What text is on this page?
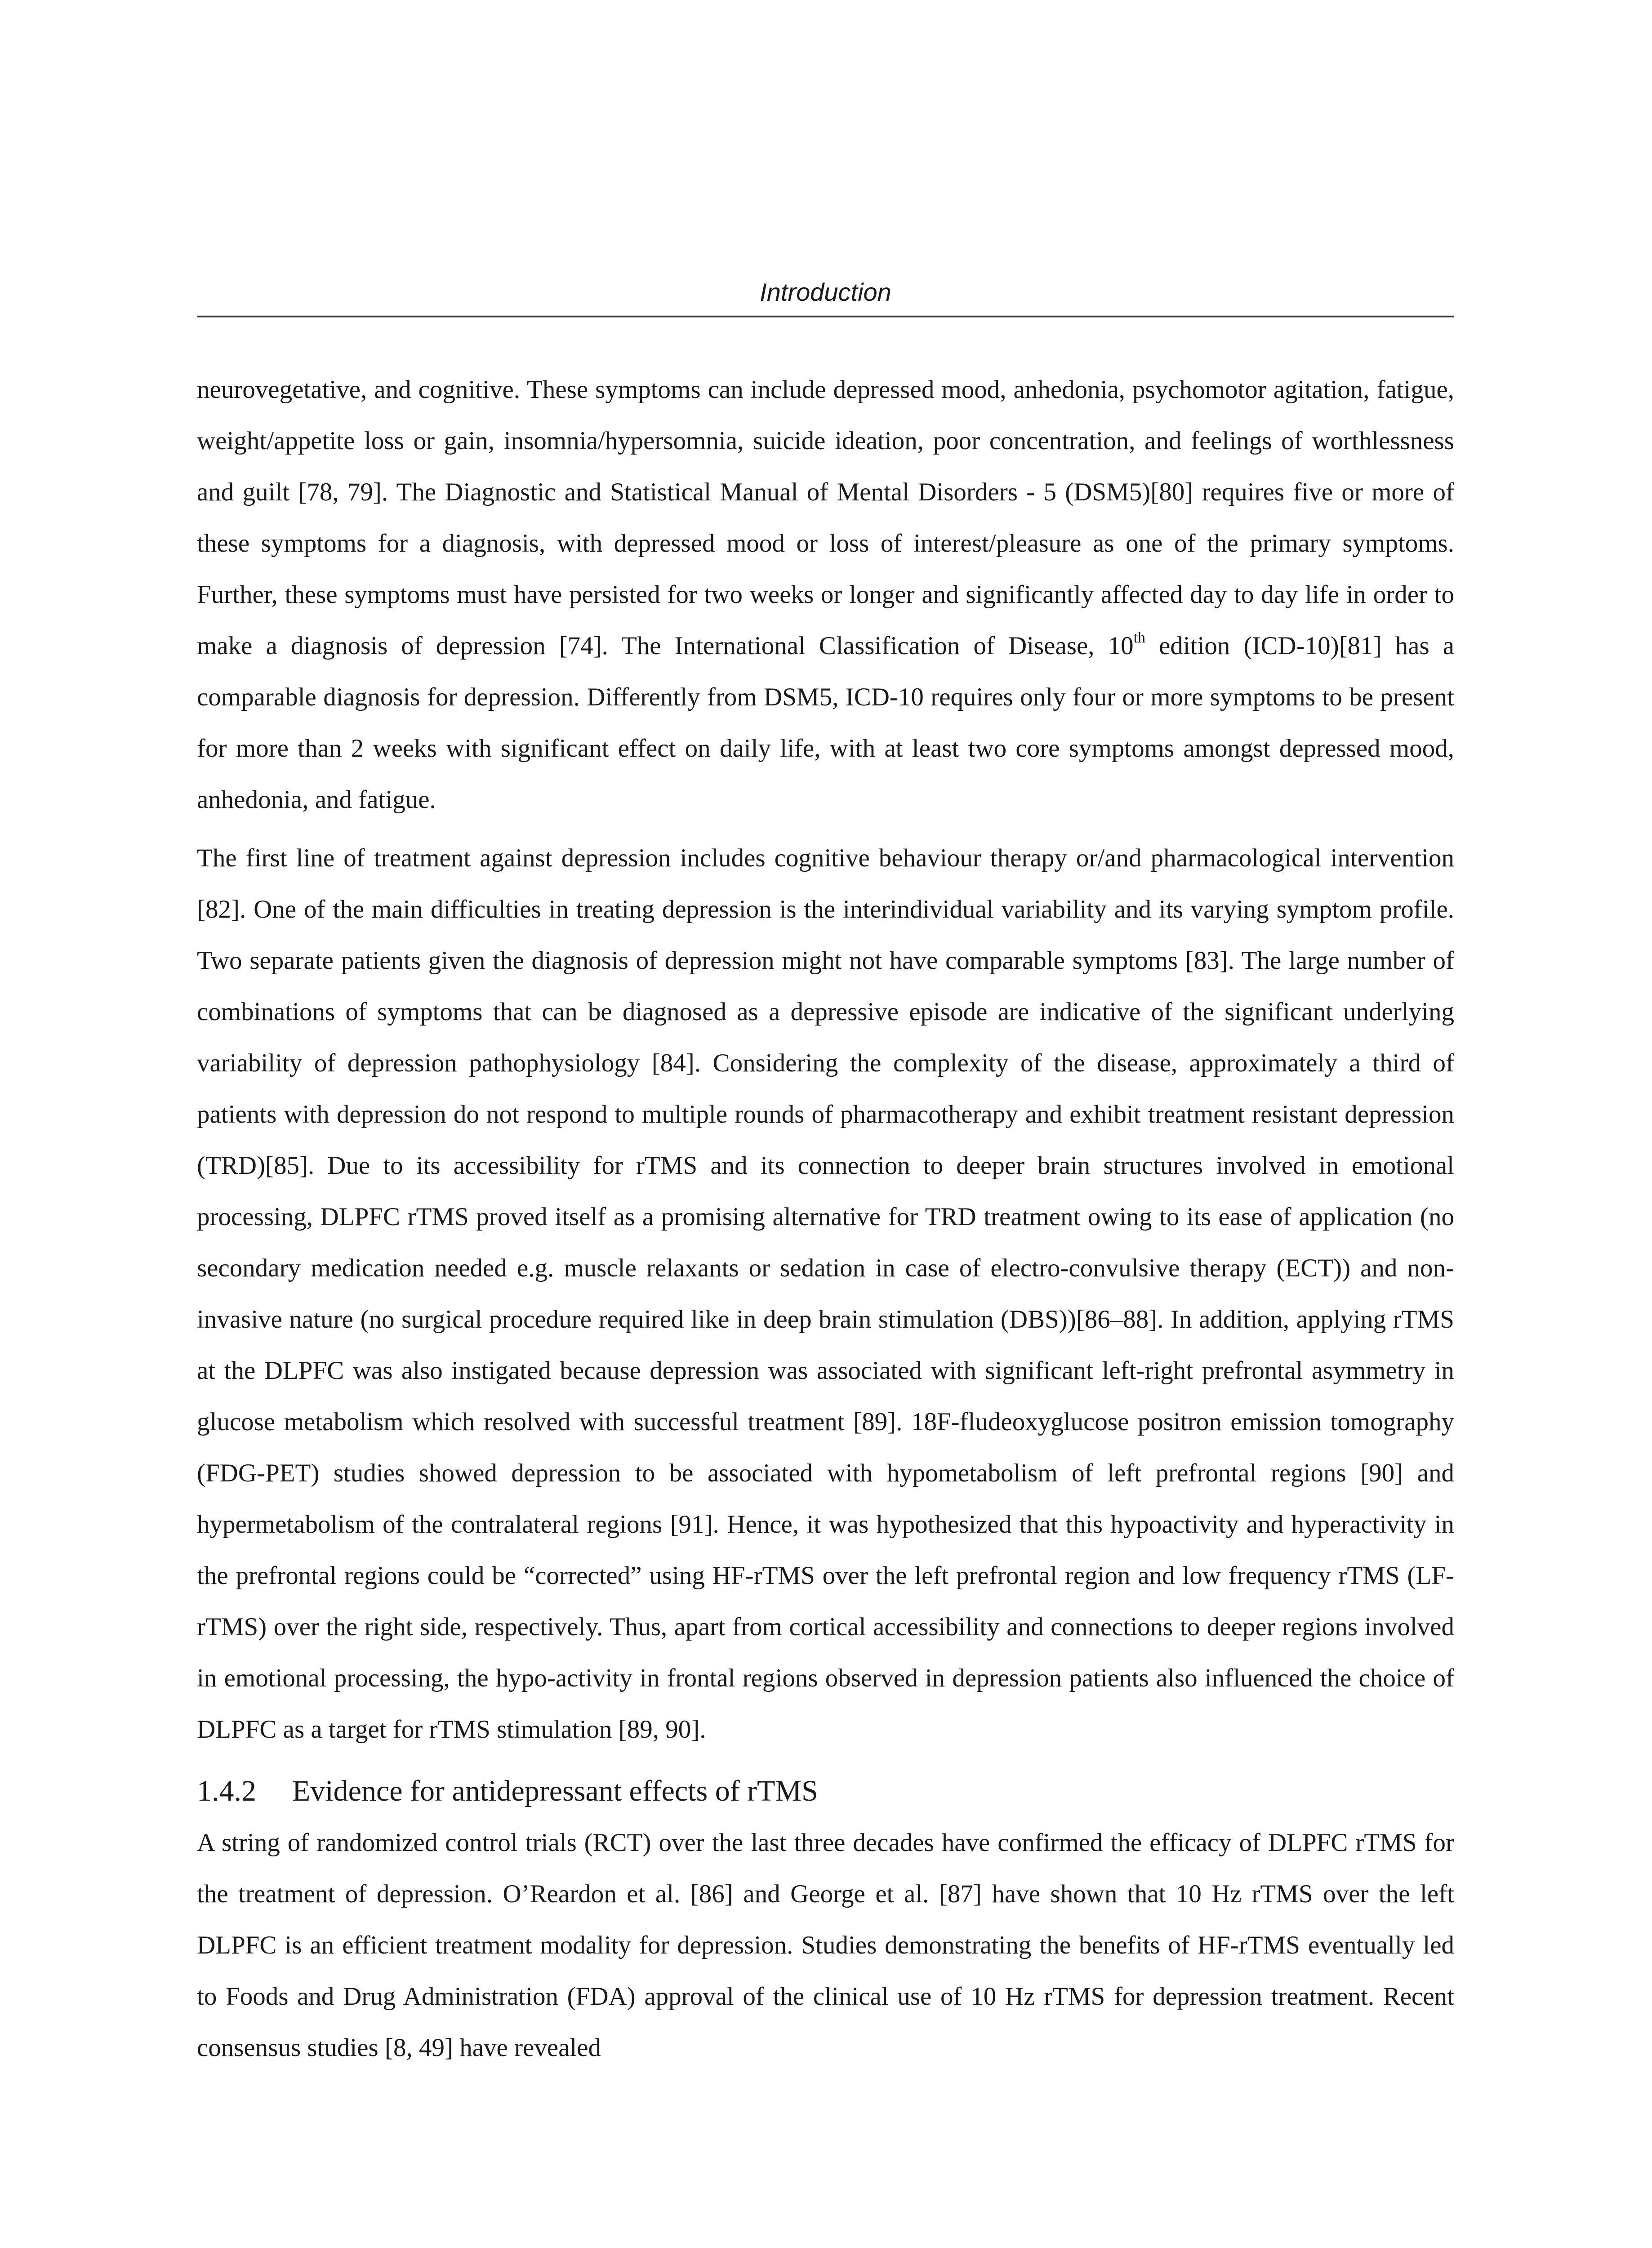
Introduction

neurovegetative, and cognitive. These symptoms can include depressed mood, anhedonia, psychomotor agitation, fatigue, weight/appetite loss or gain, insomnia/hypersomnia, suicide ideation, poor concentration, and feelings of worthlessness and guilt [78, 79]. The Diagnostic and Statistical Manual of Mental Disorders - 5 (DSM5)[80] requires five or more of these symptoms for a diagnosis, with depressed mood or loss of interest/pleasure as one of the primary symptoms. Further, these symptoms must have persisted for two weeks or longer and significantly affected day to day life in order to make a diagnosis of depression [74]. The International Classification of Disease, 10th edition (ICD-10)[81] has a comparable diagnosis for depression. Differently from DSM5, ICD-10 requires only four or more symptoms to be present for more than 2 weeks with significant effect on daily life, with at least two core symptoms amongst depressed mood, anhedonia, and fatigue.

The first line of treatment against depression includes cognitive behaviour therapy or/and pharmacological intervention [82]. One of the main difficulties in treating depression is the interindividual variability and its varying symptom profile. Two separate patients given the diagnosis of depression might not have comparable symptoms [83]. The large number of combinations of symptoms that can be diagnosed as a depressive episode are indicative of the significant underlying variability of depression pathophysiology [84]. Considering the complexity of the disease, approximately a third of patients with depression do not respond to multiple rounds of pharmacotherapy and exhibit treatment resistant depression (TRD)[85]. Due to its accessibility for rTMS and its connection to deeper brain structures involved in emotional processing, DLPFC rTMS proved itself as a promising alternative for TRD treatment owing to its ease of application (no secondary medication needed e.g. muscle relaxants or sedation in case of electro-convulsive therapy (ECT)) and non-invasive nature (no surgical procedure required like in deep brain stimulation (DBS))[86–88]. In addition, applying rTMS at the DLPFC was also instigated because depression was associated with significant left-right prefrontal asymmetry in glucose metabolism which resolved with successful treatment [89]. 18F-fludeoxyglucose positron emission tomography (FDG-PET) studies showed depression to be associated with hypometabolism of left prefrontal regions [90] and hypermetabolism of the contralateral regions [91]. Hence, it was hypothesized that this hypoactivity and hyperactivity in the prefrontal regions could be “corrected” using HF-rTMS over the left prefrontal region and low frequency rTMS (LF-rTMS) over the right side, respectively. Thus, apart from cortical accessibility and connections to deeper regions involved in emotional processing, the hypo-activity in frontal regions observed in depression patients also influenced the choice of DLPFC as a target for rTMS stimulation [89, 90].

1.4.2 Evidence for antidepressant effects of rTMS

A string of randomized control trials (RCT) over the last three decades have confirmed the efficacy of DLPFC rTMS for the treatment of depression. O’Reardon et al. [86] and George et al. [87] have shown that 10 Hz rTMS over the left DLPFC is an efficient treatment modality for depression. Studies demonstrating the benefits of HF-rTMS eventually led to Foods and Drug Administration (FDA) approval of the clinical use of 10 Hz rTMS for depression treatment. Recent consensus studies [8, 49] have revealed
